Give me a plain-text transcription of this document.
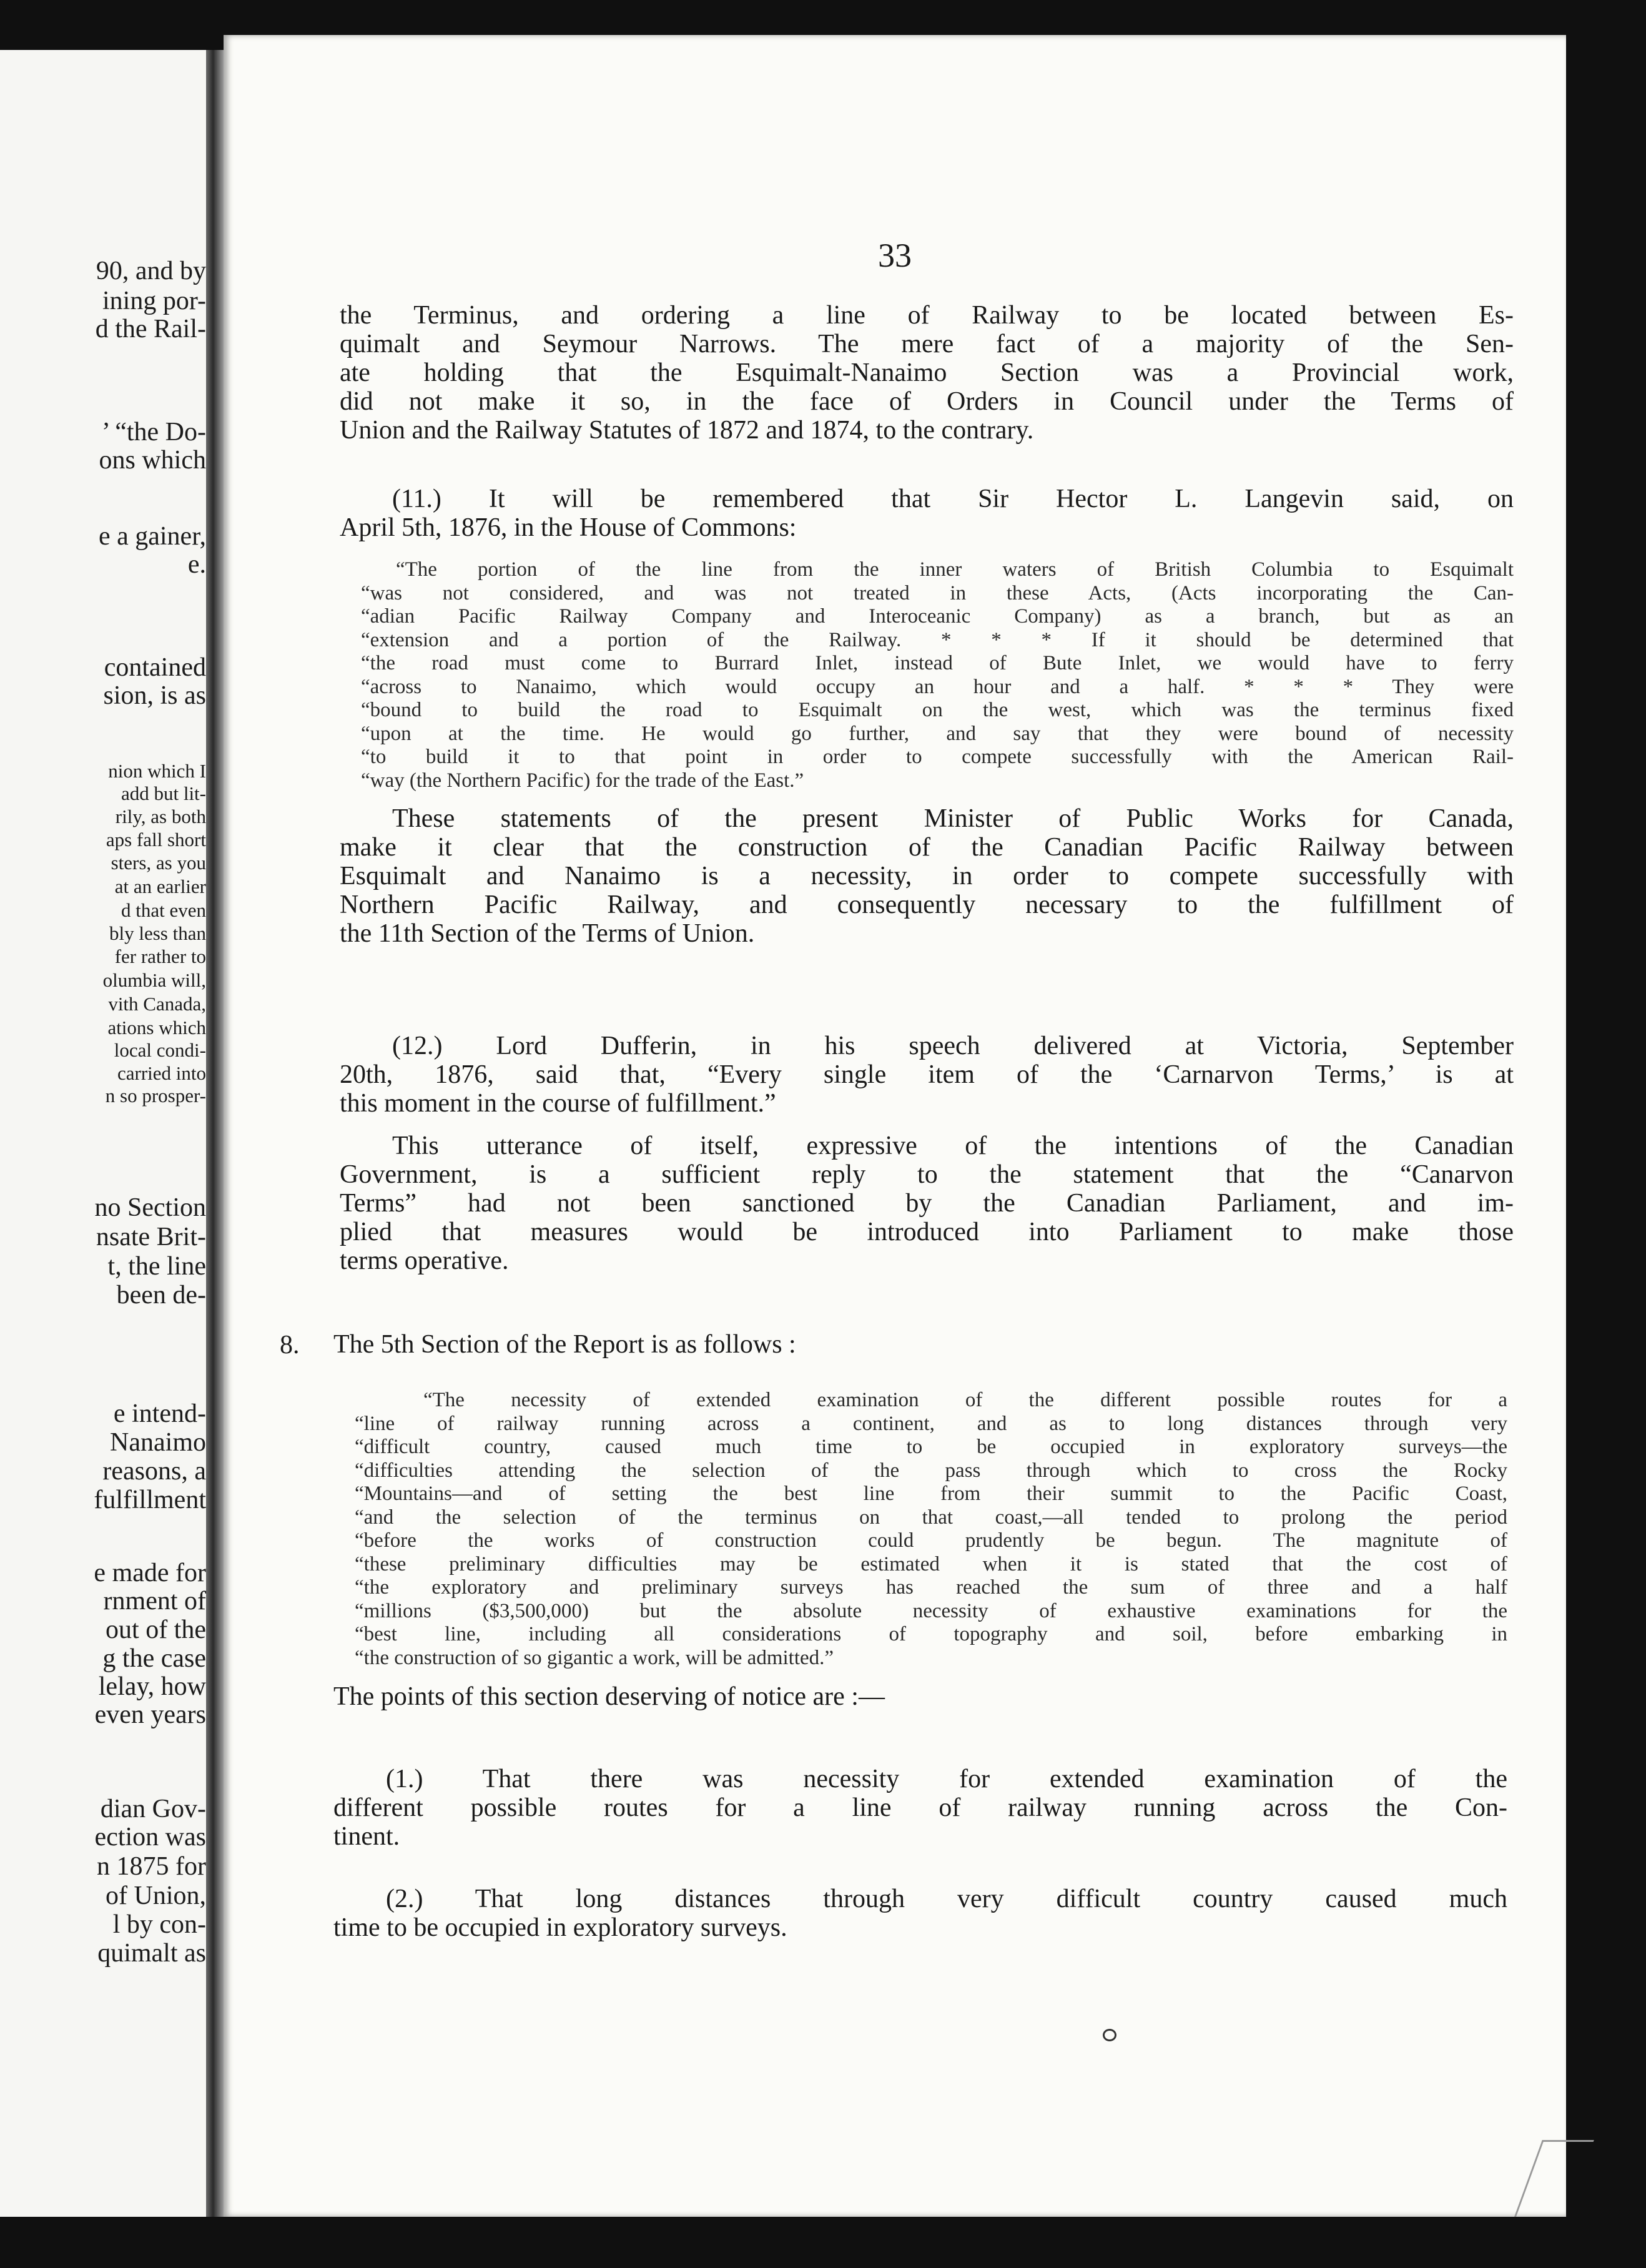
90, and by
ining por-
d the Rail-
’ “the Do-
ons which
e a gainer,
e.
contained
sion, is as
nion which I
add but lit-
rily, as both
aps fall short
sters, as you
at an earlier
d that even
bly less than
fer rather to
olumbia will,
vith Canada,
ations which
local condi-
carried into
n so prosper-
no Section
nsate Brit-
t, the line
been de-
e intend-
Nanaimo
reasons, a
fulfillment
e made for
rnment of
out of the
g the case
lelay, how
even years
dian Gov-
ection was
n 1875 for
of Union,
l by con-
quimalt as
33
the Terminus, and ordering a line of Railway to be located between Es-
quimalt and Seymour Narrows. The mere fact of a majority of the Sen-
ate holding that the Esquimalt-Nanaimo Section was a Provincial work,
did not make it so, in the face of Orders in Council under the Terms of
Union and the Railway Statutes of 1872 and 1874, to the contrary.
(11.) It will be remembered that Sir Hector L. Langevin said, on
April 5th, 1876, in the House of Commons:
“The portion of the line from the inner waters of British Columbia to Esquimalt
“was not considered, and was not treated in these Acts, (Acts incorporating the Can-
“adian Pacific Railway Company and Interoceanic Company) as a branch, but as an
“extension and a portion of the Railway. * * * If it should be determined that
“the road must come to Burrard Inlet, instead of Bute Inlet, we would have to ferry
“across to Nanaimo, which would occupy an hour and a half. * * * They were
“bound to build the road to Esquimalt on the west, which was the terminus fixed
“upon at the time. He would go further, and say that they were bound of necessity
“to build it to that point in order to compete successfully with the American Rail-
“way (the Northern Pacific) for the trade of the East.”
These statements of the present Minister of Public Works for Canada,
make it clear that the construction of the Canadian Pacific Railway between
Esquimalt and Nanaimo is a necessity, in order to compete successfully with
Northern Pacific Railway, and consequently necessary to the fulfillment of
the 11th Section of the Terms of Union.
(12.) Lord Dufferin, in his speech delivered at Victoria, September
20th, 1876, said that, “Every single item of the ‘Carnarvon Terms,’ is at
this moment in the course of fulfillment.”
This utterance of itself, expressive of the intentions of the Canadian
Government, is a sufficient reply to the statement that the “Canarvon
Terms” had not been sanctioned by the Canadian Parliament, and im-
plied that measures would be introduced into Parliament to make those
terms operative.
8. The 5th Section of the Report is as follows :
“The necessity of extended examination of the different possible routes for a
“line of railway running across a continent, and as to long distances through very
“difficult country, caused much time to be occupied in exploratory surveys—the
“difficulties attending the selection of the pass through which to cross the Rocky
“Mountains—and of setting the best line from their summit to the Pacific Coast,
“and the selection of the terminus on that coast,—all tended to prolong the period
“before the works of construction could prudently be begun. The magnitute of
“these preliminary difficulties may be estimated when it is stated that the cost of
“the exploratory and preliminary surveys has reached the sum of three and a half
“millions ($3,500,000) but the absolute necessity of exhaustive examinations for the
“best line, including all considerations of topography and soil, before embarking in
“the construction of so gigantic a work, will be admitted.”
The points of this section deserving of notice are :—
(1.) That there was necessity for extended examination of the
different possible routes for a line of railway running across the Con-
tinent.
(2.) That long distances through very difficult country caused much
time to be occupied in exploratory surveys.
